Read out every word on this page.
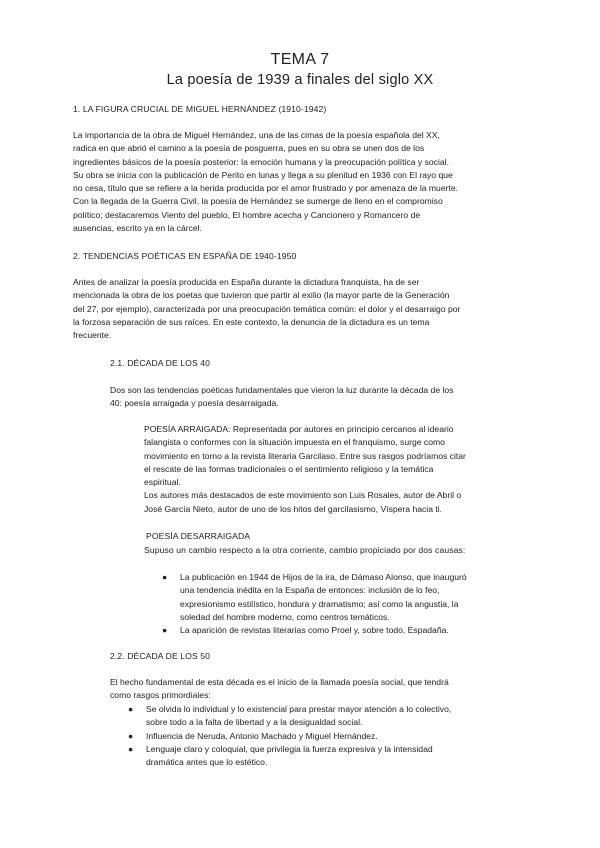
TEMA 7
La poesía de 1939 a finales del siglo XX
1. LA FIGURA CRUCIAL DE MIGUEL HERNÁNDEZ (1910-1942)
La importancia de la obra de Miguel Hernández, una de las cimas de la poesía española del XX,
radica en que abrió el camino a la poesía de posguerra, pues en su obra se unen dos de los
ingredientes básicos de la poesía posterior: la emoción humana y la preocupación política y social.
Su obra se inicia con la publicación de Perito en lunas y llega a su plenitud en 1936 con El rayo que
no cesa, título que se refiere a la herida producida por el amor frustrado y por amenaza de la muerte.
Con la llegada de la Guerra Civil, la poesía de Hernández se sumerge de lleno en el compromiso
político; destacaremos Viento del pueblo, El hombre acecha y Cancionero y Romancero de
ausencias, escrito ya en la cárcel.
2. TENDENCIAS POÉTICAS EN ESPAÑA DE 1940-1950
Antes de analizar la poesía producida en España durante la dictadura franquista, ha de ser
mencionada la obra de los poetas que tuvieron que partir al exilio (la mayor parte de la Generación
del 27, por ejemplo), caracterizada por una preocupación temática común: el dolor y el desarraigo por
la forzosa separación de sus raíces. En este contexto, la denuncia de la dictadura es un tema
frecuente.
2.1. DÉCADA DE LOS 40
Dos son las tendencias poéticas fundamentales que vieron la luz durante la década de los
40: poesía arraigada y poesía desarraigada.
POESÍA ARRAIGADA: Representada por autores en principio cercanos al ideario
falangista o conformes con la situación impuesta en el franquismo, surge como
movimiento en torno a la revista literaria Garcilaso. Entre sus rasgos podríamos citar
el rescate de las formas tradicionales o el sentimiento religioso y la temática
espiritual.
Los autores más destacados de este movimiento son Luis Rosales, autor de Abril o
José García Nieto, autor de uno de los hitos del garcilasismo, Víspera hacia ti.
POESÍA DESARRAIGADA
Supuso un cambio respecto a la otra corriente, cambio propiciado por dos causas:
● La publicación en 1944 de Hijos de la ira, de Dámaso Alonso, que inauguró
una tendencia inédita en la España de entonces: inclusión de lo feo,
expresionismo estilístico, hondura y dramatismo; así como la angustia, la
soledad del hombre moderno, como centros temáticos.
● La aparición de revistas literarias como Proel y, sobre todo, Espadaña.
2.2. DÉCADA DE LOS 50
El hecho fundamental de esta década es el inicio de la llamada poesía social, que tendrá
como rasgos primordiales:
● Se olvida lo individual y lo existencial para prestar mayor atención a lo colectivo,
sobre todo a la falta de libertad y a la desigualdad social.
● Influencia de Neruda, Antonio Machado y Miguel Hernández.
● Lenguaje claro y coloquial, que privilegia la fuerza expresiva y la intensidad
dramática antes que lo estético.
